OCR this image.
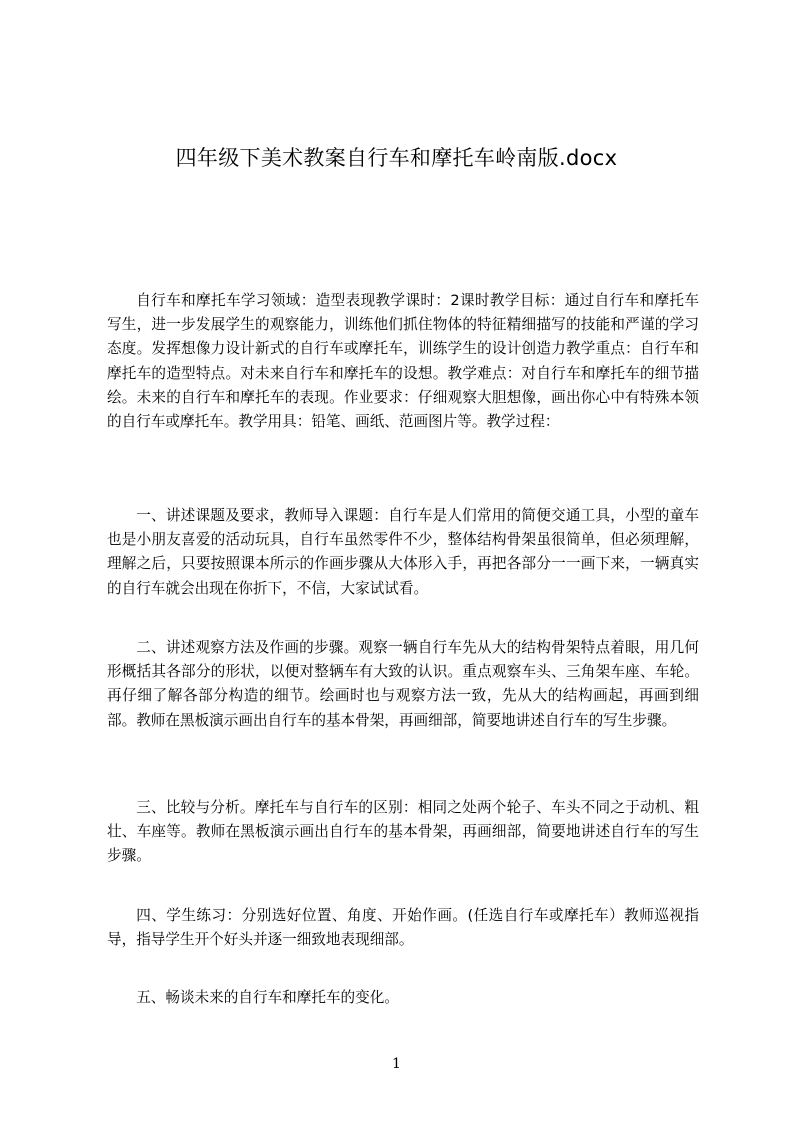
四年级下美术教案自行车和摩托车岭南版.docx

自行车和摩托车学习领域：造型表现教学课时：2课时教学目标：通过自行车和摩托车写生，进一步发展学生的观察能力，训练他们抓住物体的特征精细描写的技能和严谨的学习态度。发挥想像力设计新式的自行车或摩托车，训练学生的设计创造力教学重点：自行车和摩托车的造型特点。对未来自行车和摩托车的设想。教学难点：对自行车和摩托车的细节描绘。未来的自行车和摩托车的表现。作业要求：仔细观察大胆想像，画出你心中有特殊本领的自行车或摩托车。教学用具：铅笔、画纸、范画图片等。教学过程：

一、讲述课题及要求，教师导入课题：自行车是人们常用的简便交通工具，小型的童车也是小朋友喜爱的活动玩具，自行车虽然零件不少，整体结构骨架虽很简单，但必须理解，理解之后，只要按照课本所示的作画步骤从大体形入手，再把各部分一一画下来，一辆真实的自行车就会出现在你折下，不信，大家试试看。

二、讲述观察方法及作画的步骤。观察一辆自行车先从大的结构骨架特点着眼，用几何形概括其各部分的形状，以便对整辆车有大致的认识。重点观察车头、三角架车座、车轮。再仔细了解各部分构造的细节。绘画时也与观察方法一致，先从大的结构画起，再画到细部。教师在黑板演示画出自行车的基本骨架，再画细部，简要地讲述自行车的写生步骤。

三、比较与分析。摩托车与自行车的区别：相同之处两个轮子、车头不同之于动机、粗壮、车座等。教师在黑板演示画出自行车的基本骨架，再画细部，简要地讲述自行车的写生步骤。

四、学生练习：分别选好位置、角度、开始作画。(任选自行车或摩托车）教师巡视指导，指导学生开个好头并逐一细致地表现细部。

五、畅谈未来的自行车和摩托车的变化。

1
